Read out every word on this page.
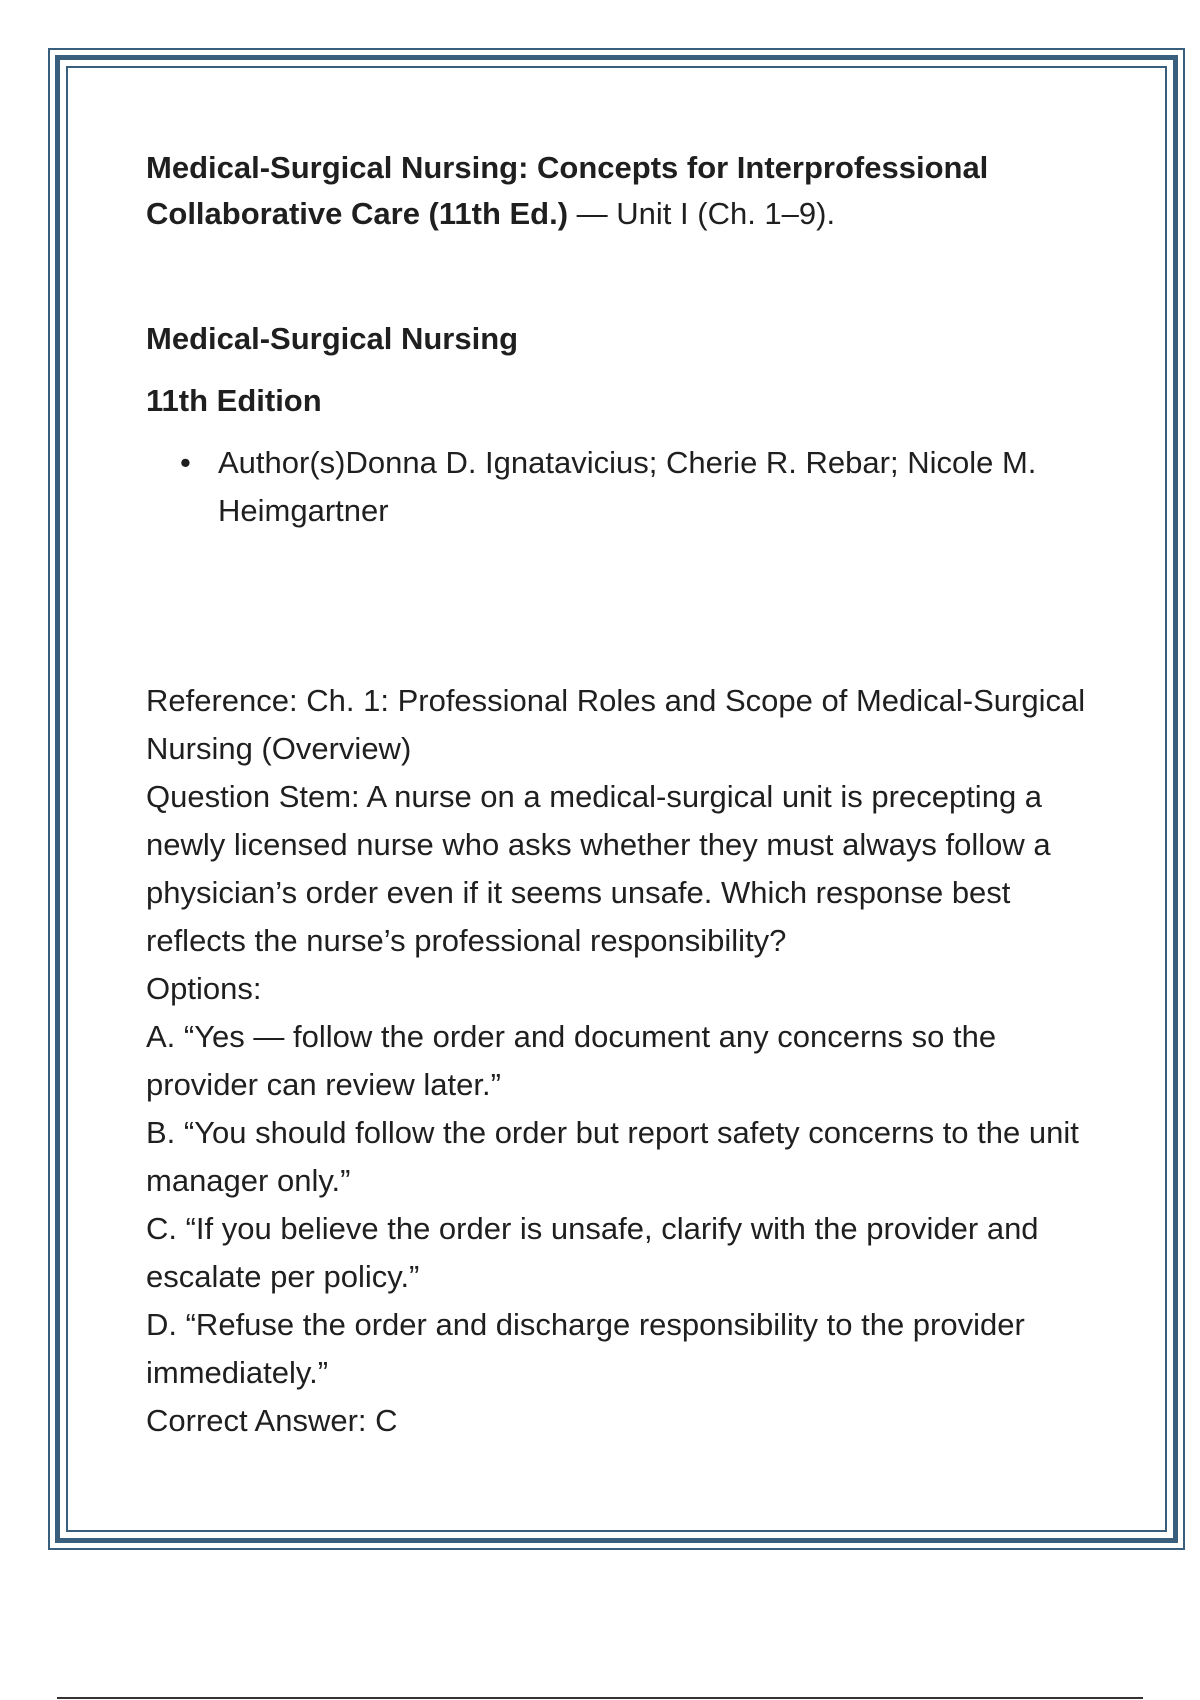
Medical-Surgical Nursing: Concepts for Interprofessional Collaborative Care (11th Ed.) — Unit I (Ch. 1–9).

Medical-Surgical Nursing

11th Edition

• Author(s)Donna D. Ignatavicius; Cherie R. Rebar; Nicole M. Heimgartner

Reference: Ch. 1: Professional Roles and Scope of Medical-Surgical Nursing (Overview)

Question Stem: A nurse on a medical-surgical unit is precepting a newly licensed nurse who asks whether they must always follow a physician’s order even if it seems unsafe. Which response best reflects the nurse’s professional responsibility?

Options:

A. “Yes — follow the order and document any concerns so the provider can review later.”

B. “You should follow the order but report safety concerns to the unit manager only.”

C. “If you believe the order is unsafe, clarify with the provider and escalate per policy.”

D. “Refuse the order and discharge responsibility to the provider immediately.”

Correct Answer: C
